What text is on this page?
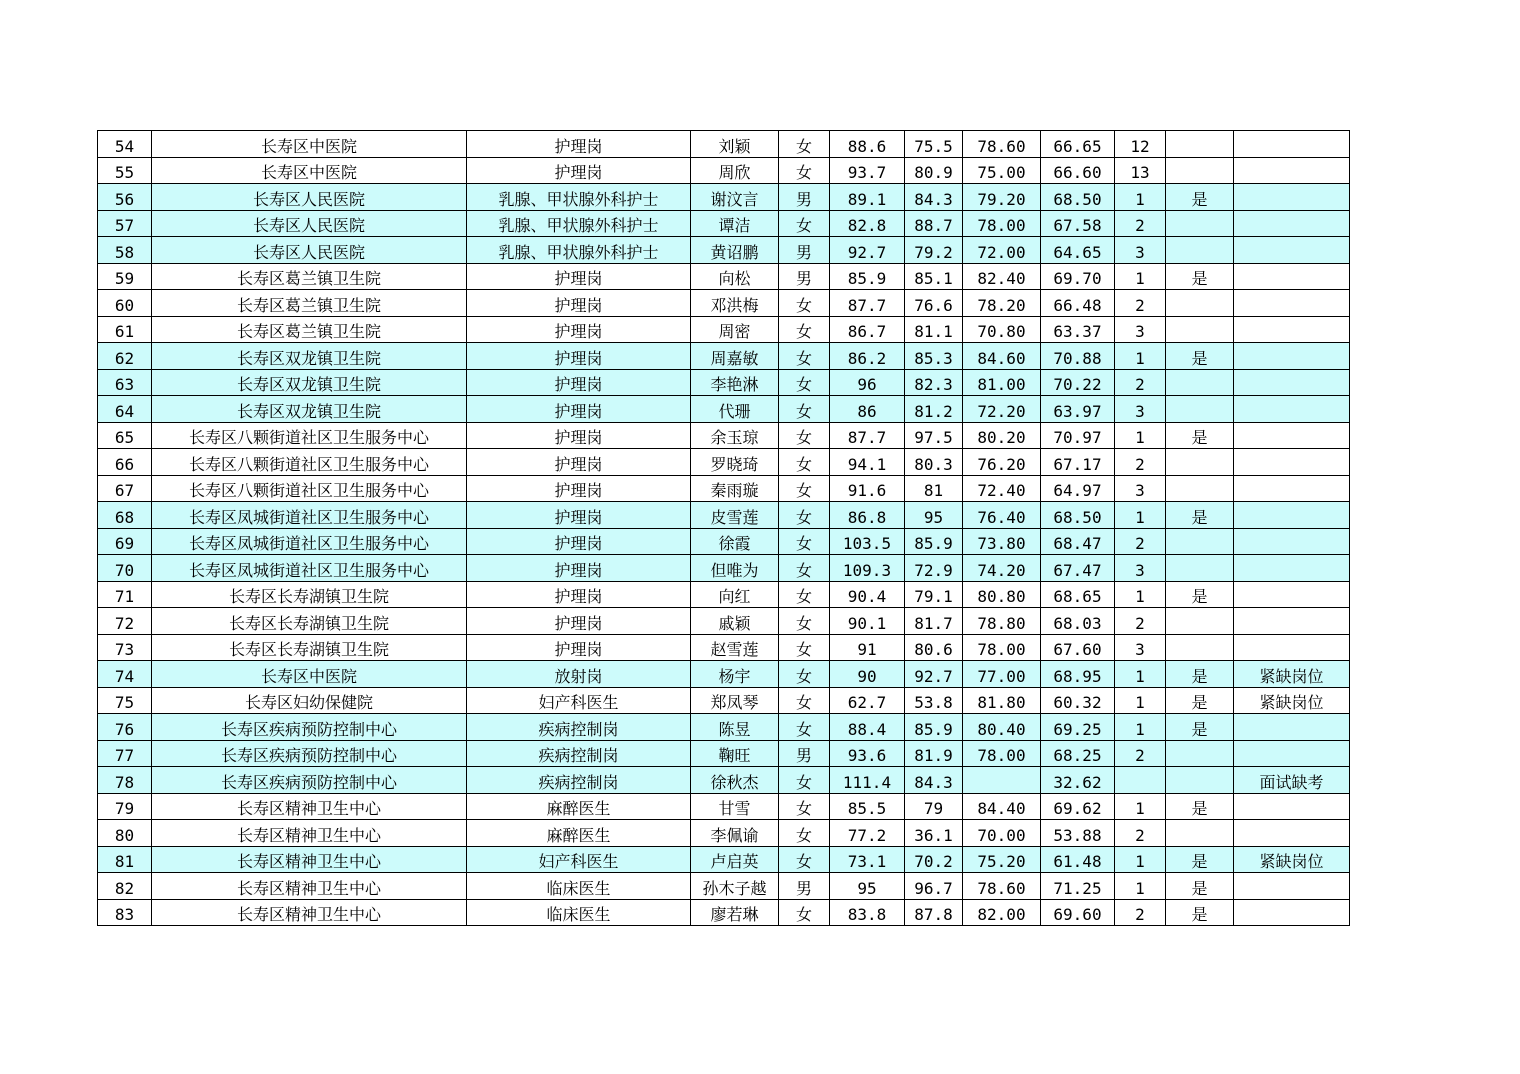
54	长寿区中医院	护理岗	刘颖	女	88.6	75.5	78.60	66.65	12		
55	长寿区中医院	护理岗	周欣	女	93.7	80.9	75.00	66.60	13		
56	长寿区人民医院	乳腺、甲状腺外科护士	谢汶言	男	89.1	84.3	79.20	68.50	1	是	
57	长寿区人民医院	乳腺、甲状腺外科护士	谭洁	女	82.8	88.7	78.00	67.58	2		
58	长寿区人民医院	乳腺、甲状腺外科护士	黄诏鹏	男	92.7	79.2	72.00	64.65	3		
59	长寿区葛兰镇卫生院	护理岗	向松	男	85.9	85.1	82.40	69.70	1	是	
60	长寿区葛兰镇卫生院	护理岗	邓洪梅	女	87.7	76.6	78.20	66.48	2		
61	长寿区葛兰镇卫生院	护理岗	周密	女	86.7	81.1	70.80	63.37	3		
62	长寿区双龙镇卫生院	护理岗	周嘉敏	女	86.2	85.3	84.60	70.88	1	是	
63	长寿区双龙镇卫生院	护理岗	李艳淋	女	96	82.3	81.00	70.22	2		
64	长寿区双龙镇卫生院	护理岗	代珊	女	86	81.2	72.20	63.97	3		
65	长寿区八颗街道社区卫生服务中心	护理岗	余玉琼	女	87.7	97.5	80.20	70.97	1	是	
66	长寿区八颗街道社区卫生服务中心	护理岗	罗晓琦	女	94.1	80.3	76.20	67.17	2		
67	长寿区八颗街道社区卫生服务中心	护理岗	秦雨璇	女	91.6	81	72.40	64.97	3		
68	长寿区凤城街道社区卫生服务中心	护理岗	皮雪莲	女	86.8	95	76.40	68.50	1	是	
69	长寿区凤城街道社区卫生服务中心	护理岗	徐霞	女	103.5	85.9	73.80	68.47	2		
70	长寿区凤城街道社区卫生服务中心	护理岗	但唯为	女	109.3	72.9	74.20	67.47	3		
71	长寿区长寿湖镇卫生院	护理岗	向红	女	90.4	79.1	80.80	68.65	1	是	
72	长寿区长寿湖镇卫生院	护理岗	戚颖	女	90.1	81.7	78.80	68.03	2		
73	长寿区长寿湖镇卫生院	护理岗	赵雪莲	女	91	80.6	78.00	67.60	3		
74	长寿区中医院	放射岗	杨宇	女	90	92.7	77.00	68.95	1	是	紧缺岗位
75	长寿区妇幼保健院	妇产科医生	郑凤琴	女	62.7	53.8	81.80	60.32	1	是	紧缺岗位
76	长寿区疾病预防控制中心	疾病控制岗	陈昱	女	88.4	85.9	80.40	69.25	1	是	
77	长寿区疾病预防控制中心	疾病控制岗	鞠旺	男	93.6	81.9	78.00	68.25	2		
78	长寿区疾病预防控制中心	疾病控制岗	徐秋杰	女	111.4	84.3		32.62			面试缺考
79	长寿区精神卫生中心	麻醉医生	甘雪	女	85.5	79	84.40	69.62	1	是	
80	长寿区精神卫生中心	麻醉医生	李佩谕	女	77.2	36.1	70.00	53.88	2		
81	长寿区精神卫生中心	妇产科医生	卢启英	女	73.1	70.2	75.20	61.48	1	是	紧缺岗位
82	长寿区精神卫生中心	临床医生	孙木子越	男	95	96.7	78.60	71.25	1	是	
83	长寿区精神卫生中心	临床医生	廖若琳	女	83.8	87.8	82.00	69.60	2	是	
